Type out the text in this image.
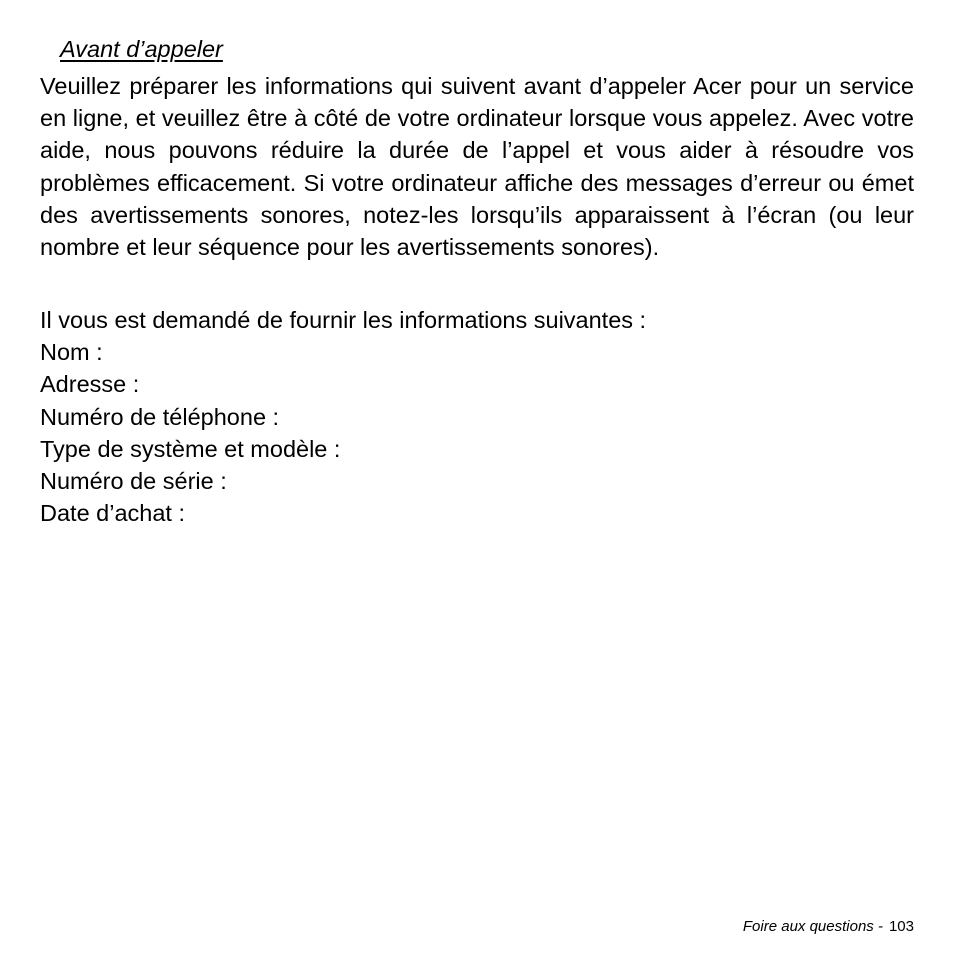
Avant d’appeler

Veuillez préparer les informations qui suivent avant d’appeler Acer pour un service en ligne, et veuillez être à côté de votre ordinateur lorsque vous appelez. Avec votre aide, nous pouvons réduire la durée de l’appel et vous aider à résoudre vos problèmes efficacement. Si votre ordinateur affiche des messages d’erreur ou émet des avertissements sonores, notez-les lorsqu’ils apparaissent à l’écran (ou leur nombre et leur séquence pour les avertissements sonores).

Il vous est demandé de fournir les informations suivantes :
Nom :
Adresse :
Numéro de téléphone :
Type de système et modèle :
Numéro de série :
Date d’achat :
Foire aux questions - 103
